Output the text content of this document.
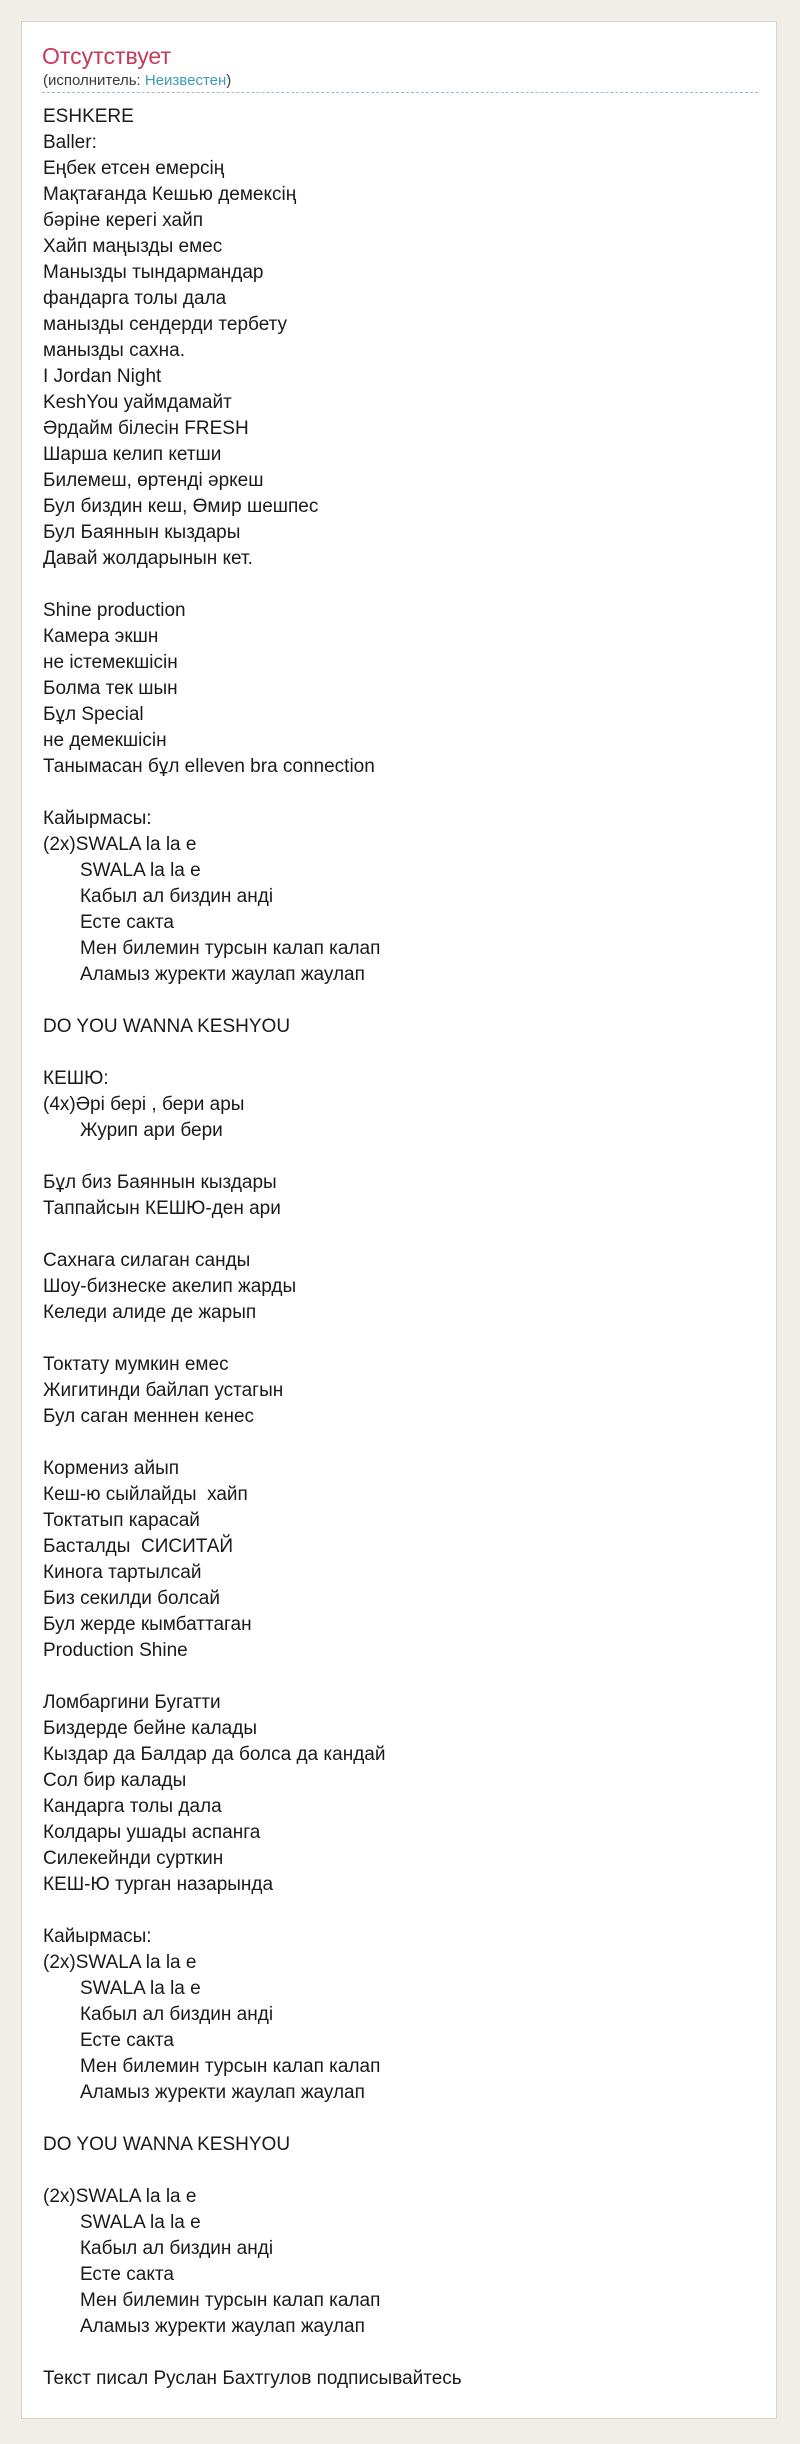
Отсутствует
(исполнитель: Неизвестен)
ESHKERE
Baller:
Еңбек етсен емерсің
Мақтағанда Кешью демексің
бәріне керегі хайп
Хайп маңызды емес
Манызды тындармандар
фандарга толы дала
манызды сендерди тербету
манызды сахна.
I Jordan Night
KeshYou уаймдамайт
Әрдайм білесін FRESH
Шарша келип кетши
Билемеш, өртенді әркеш
Бул биздин кеш, Өмир шешпес
Бул Баяннын кыздары
Давай жолдарынын кет.
Shine production
Камера экшн
не істемекшісін
Болма тек шын
Бұл Special
не демекшісін
Танымасан бұл elleven bra connection
Кайырмасы:
(2x)SWALA la la e
SWALA la la e
Кабыл ал биздин анді
Есте сакта
Мен билемин турсын калап калап
Аламыз журекти жаулап жаулап
DO YOU WANNA KESHYOU
КЕШЮ:
(4x)Әрі бері , бери ары
Журип ари бери
Бұл биз Баяннын кыздары
Таппайсын КЕШЮ-ден ари
Сахнага силаган санды
Шоу-бизнеске акелип жарды
Келеди алиде де жарып
Токтату мумкин емес
Жигитинди байлап устагын
Бул саган меннен кенес
Кормениз айып
Кеш-ю сыйлайды  хайп
Токтатып карасай
Басталды  СИСИТАЙ
Кинога тартылсай
Биз секилди болсай
Бул жерде кымбаттаган
Production Shine
Ломбаргини Бугатти
Биздерде бейне калады
Кыздар да Балдар да болса да кандай
Сол бир калады
Кандарга толы дала
Колдары ушады аспанга
Силекейнди сурткин
КЕШ-Ю турган назарында
Кайырмасы:
(2x)SWALA la la e
SWALA la la e
Кабыл ал биздин анді
Есте сакта
Мен билемин турсын калап калап
Аламыз журекти жаулап жаулап
DO YOU WANNA KESHYOU
(2x)SWALA la la e
SWALA la la e
Кабыл ал биздин анді
Есте сакта
Мен билемин турсын калап калап
Аламыз журекти жаулап жаулап
Текст писал Руслан Бахтгулов подписывайтесь
